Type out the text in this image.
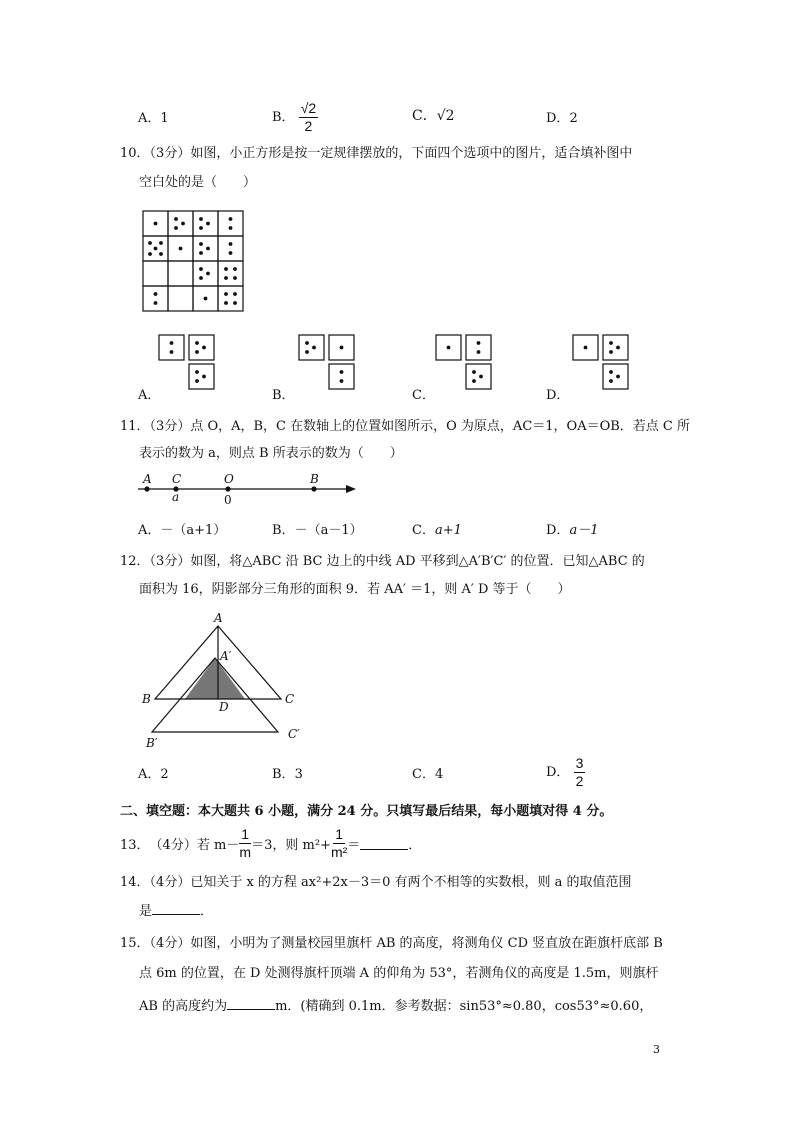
A．1	B． $\frac{√2}{2}$	C．√2	D．2
10．（3分）如图，小正方形是按一定规律摆放的，下面四个选项中的图片，适合填补图中
空白处的是（　　）
A．	B．	C．	D．
11．（3分）点 O，A，B，C 在数轴上的位置如图所示，O 为原点，AC＝1，OA＝OB．若点 C 所
表示的数为 a，则点 B 所表示的数为（　　）
A C	O	B
a	0
A．－（a+1）	B．－（a－1）	C．a+1	D．a－1
12．（3分）如图，将△ABC 沿 BC 边上的中线 AD 平移到△A′B′C′ 的位置．已知△ABC 的
面积为 16，阴影部分三角形的面积 9．若 AA′ ＝1，则 A′ D 等于（　　）
A
A′
B	C
D
B′
C′
A．2	B．3	C．4	D． $\frac{3}{2}$
二、填空题：本大题共 6 小题，满分 24 分。只填写最后结果，每小题填对得 4 分。
13． （4分） 若 $m- \frac{1}{m} =3$，则 $m^2+ \frac{1}{\text{m²}}$ ＝	．
14．（4分）已知关于 x 的方程 ax²+2x－3＝0 有两个不相等的实数根，则 a 的取值范围
是	．
15．（4分）如图，小明为了测量校园里旗杆 AB 的高度，将测角仪 CD 竖直放在距旗杆底部 B
点 6m 的位置，在 D 处测得旗杆顶端 A 的仰角为 53°，若测角仪的高度是 1.5m，则旗杆
AB 的高度约为	m．(精确到 0.1m．参考数据：sin53°≈0.80，cos53°≈0.60，
3
